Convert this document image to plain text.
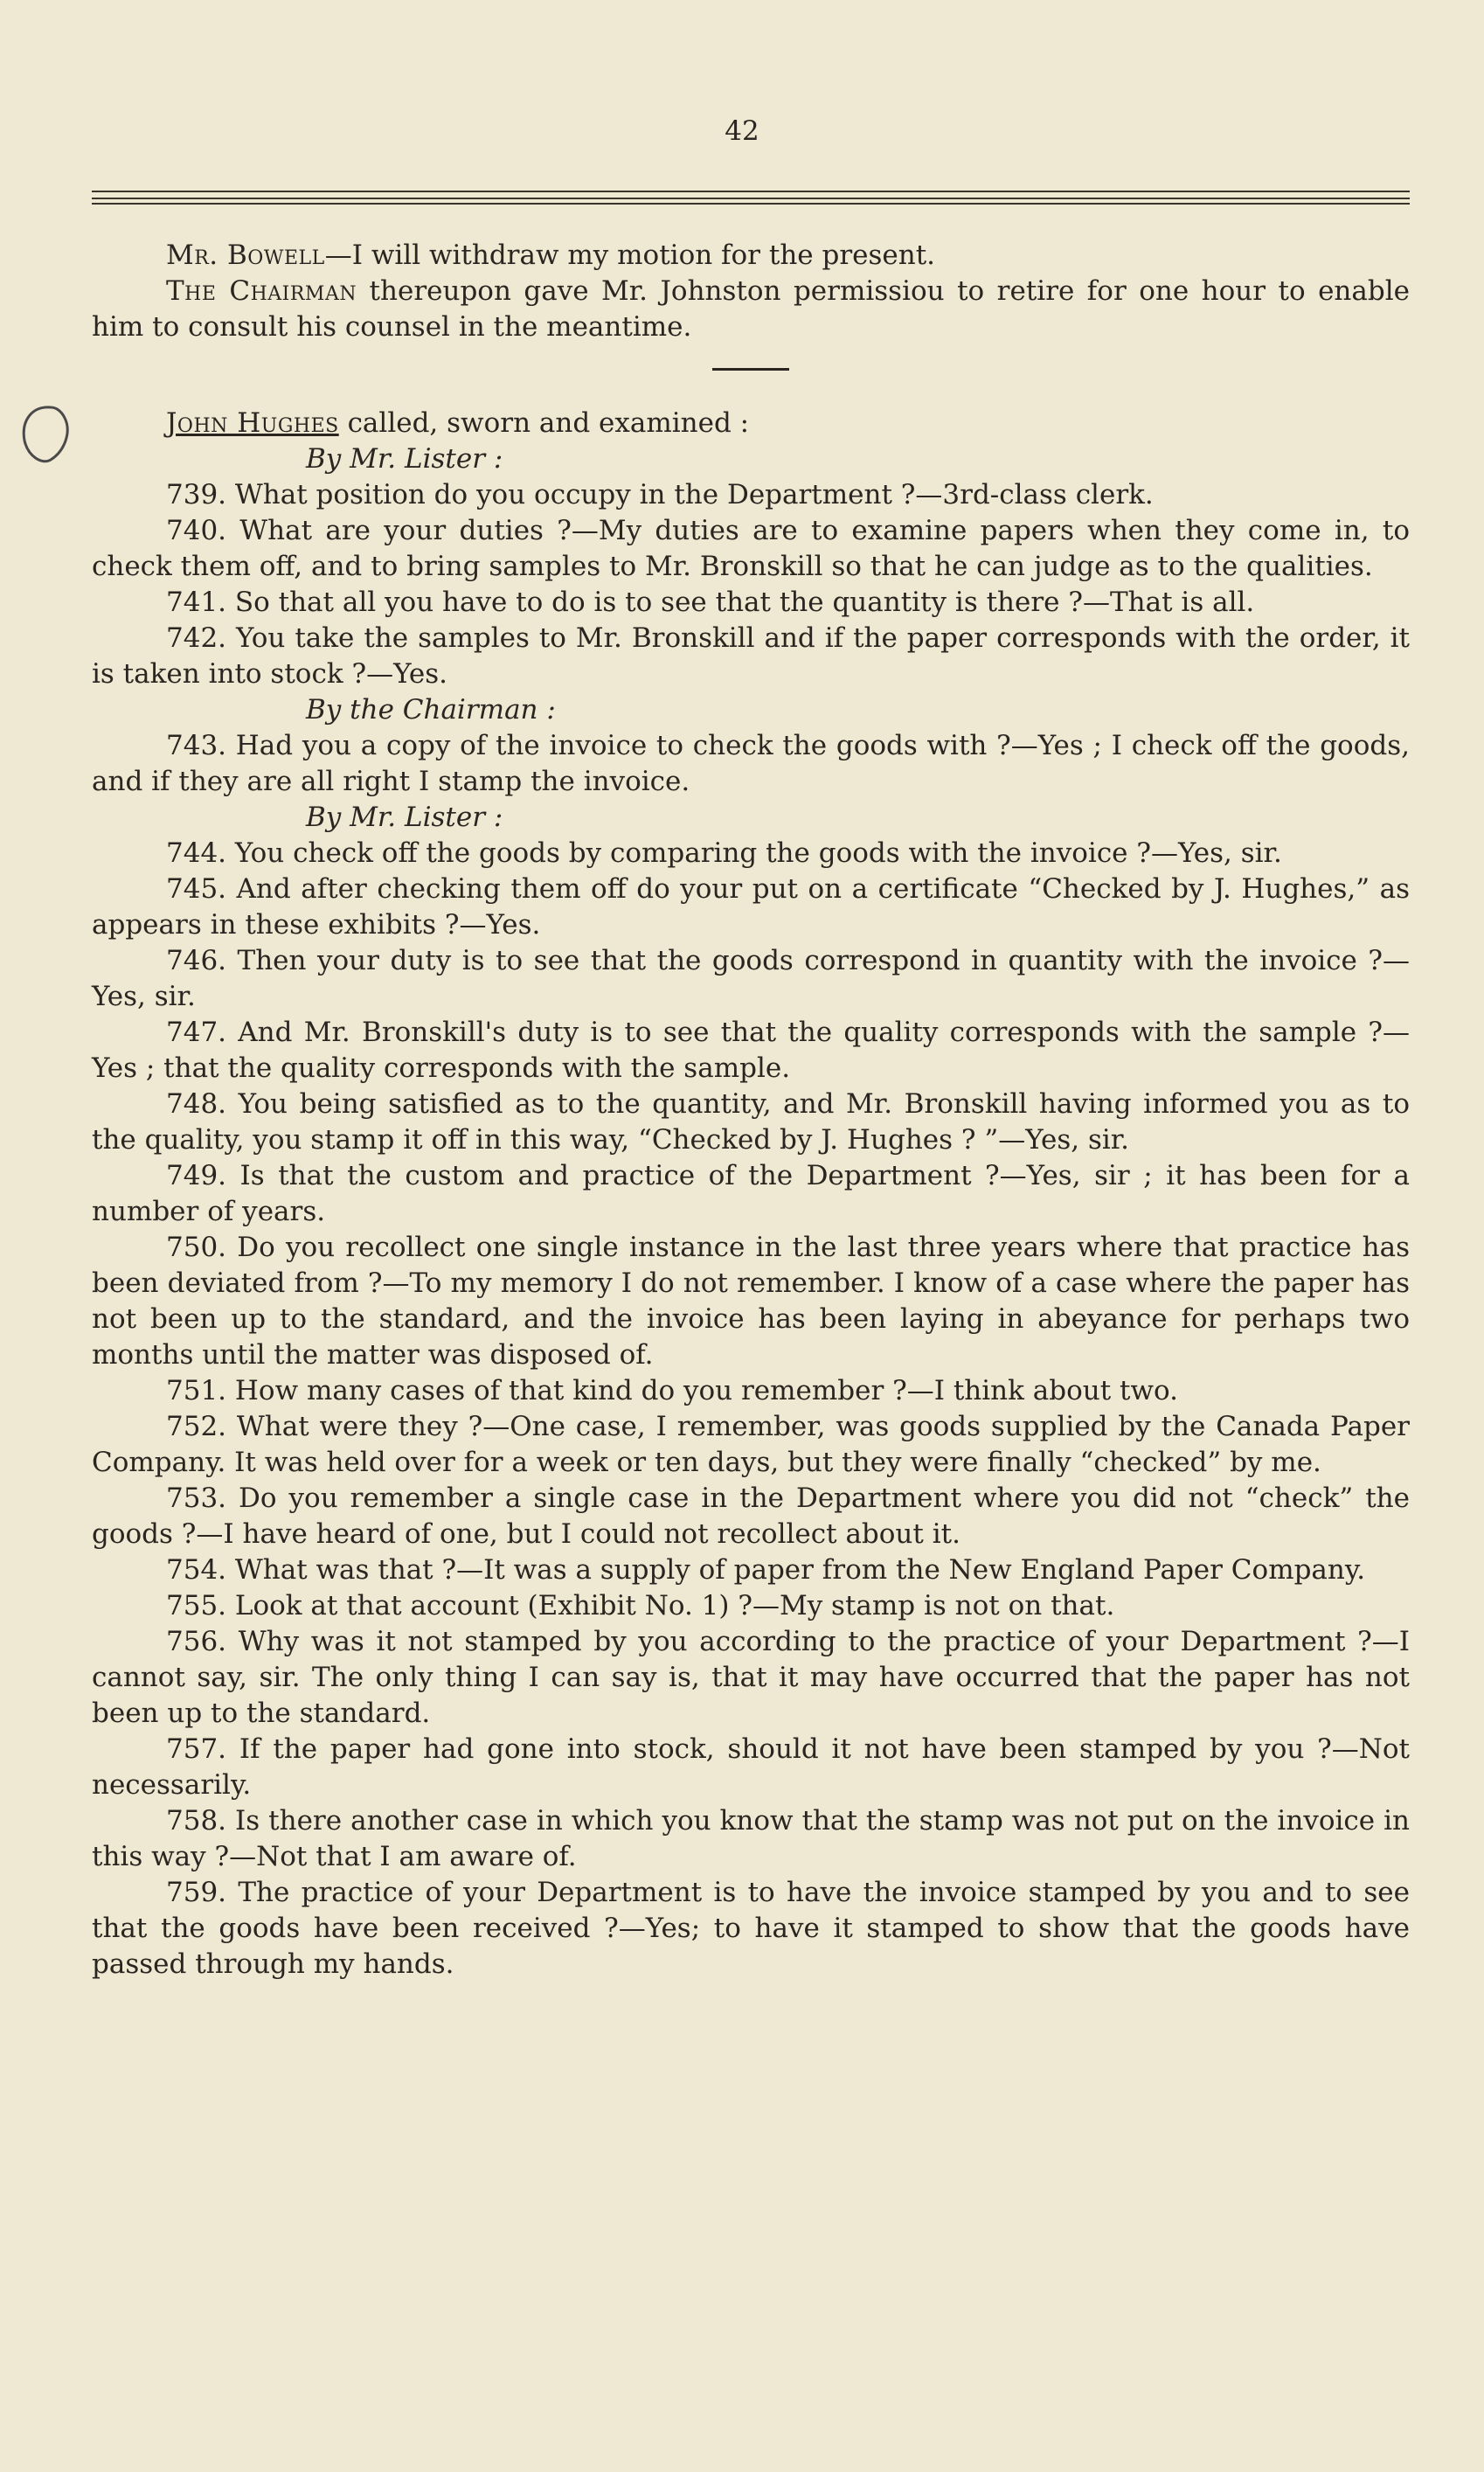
42

Mr. Bowell—I will withdraw my motion for the present.

The Chairman thereupon gave Mr. Johnston permissiou to retire for one hour to enable him to consult his counsel in the meantime.

John Hughes called, sworn and examined :

By Mr. Lister :

739. What position do you occupy in the Department ?—3rd-class clerk.

740. What are your duties ?—My duties are to examine papers when they come in, to check them off, and to bring samples to Mr. Bronskill so that he can judge as to the qualities.

741. So that all you have to do is to see that the quantity is there ?—That is all.

742. You take the samples to Mr. Bronskill and if the paper corresponds with the order, it is taken into stock ?—Yes.

By the Chairman :

743. Had you a copy of the invoice to check the goods with ?—Yes ; I check off the goods, and if they are all right I stamp the invoice.

By Mr. Lister :

744. You check off the goods by comparing the goods with the invoice ?—Yes, sir.

745. And after checking them off do your put on a certificate “Checked by J. Hughes,” as appears in these exhibits ?—Yes.

746. Then your duty is to see that the goods correspond in quantity with the invoice ?—Yes, sir.

747. And Mr. Bronskill's duty is to see that the quality corresponds with the sample ?—Yes ; that the quality corresponds with the sample.

748. You being satisfied as to the quantity, and Mr. Bronskill having informed you as to the quality, you stamp it off in this way, “Checked by J. Hughes ? ”—Yes, sir.

749. Is that the custom and practice of the Department ?—Yes, sir ; it has been for a number of years.

750. Do you recollect one single instance in the last three years where that practice has been deviated from ?—To my memory I do not remember. I know of a case where the paper has not been up to the standard, and the invoice has been laying in abeyance for perhaps two months until the matter was disposed of.

751. How many cases of that kind do you remember ?—I think about two.

752. What were they ?—One case, I remember, was goods supplied by the Canada Paper Company. It was held over for a week or ten days, but they were finally “checked” by me.

753. Do you remember a single case in the Department where you did not “check” the goods ?—I have heard of one, but I could not recollect about it.

754. What was that ?—It was a supply of paper from the New England Paper Company.

755. Look at that account (Exhibit No. 1) ?—My stamp is not on that.

756. Why was it not stamped by you according to the practice of your Department ?—I cannot say, sir. The only thing I can say is, that it may have occurred that the paper has not been up to the standard.

757. If the paper had gone into stock, should it not have been stamped by you ?—Not necessarily.

758. Is there another case in which you know that the stamp was not put on the invoice in this way ?—Not that I am aware of.

759. The practice of your Department is to have the invoice stamped by you and to see that the goods have been received ?—Yes; to have it stamped to show that the goods have passed through my hands.
